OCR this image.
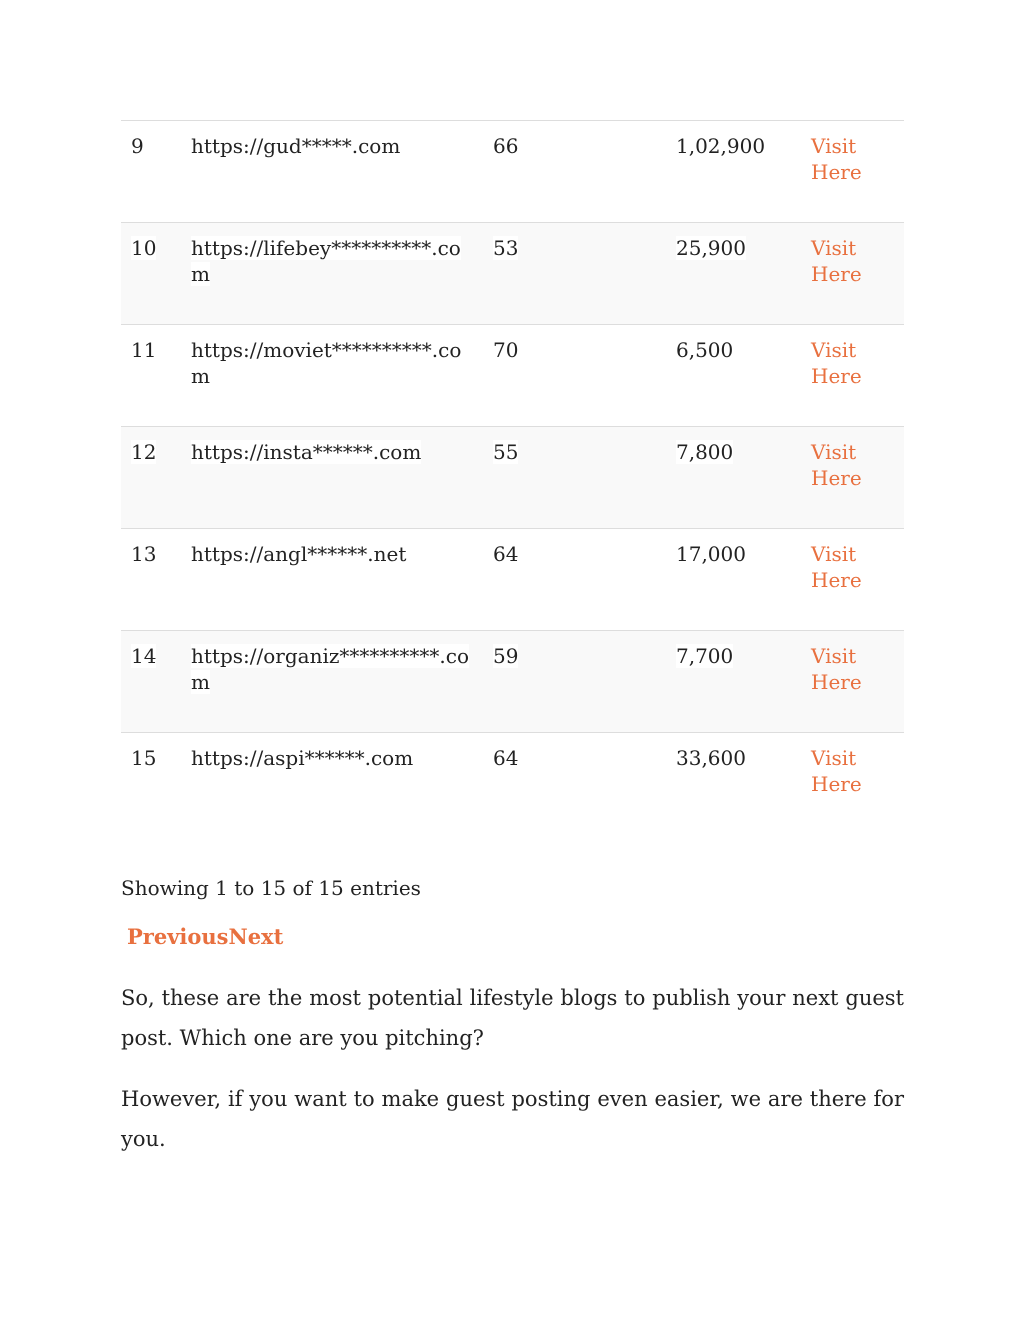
9	https://gud*****.com	66	1,02,900	Visit
Here

10	https://lifebey**********.com	53	25,900	Visit
Here

11	https://moviet**********.com	70	6,500	Visit
Here

12	https://insta******.com	55	7,800	Visit
Here

13	https://angl******.net	64	17,000	Visit
Here

14	https://organiz**********.com	59	7,700	Visit
Here

15	https://aspi******.com	64	33,600	Visit
Here
Showing 1 to 15 of 15 entries
PreviousNext

So, these are the most potential lifestyle blogs to publish your next guest post. Which one are you pitching?

However, if you want to make guest posting even easier, we are there for you.
